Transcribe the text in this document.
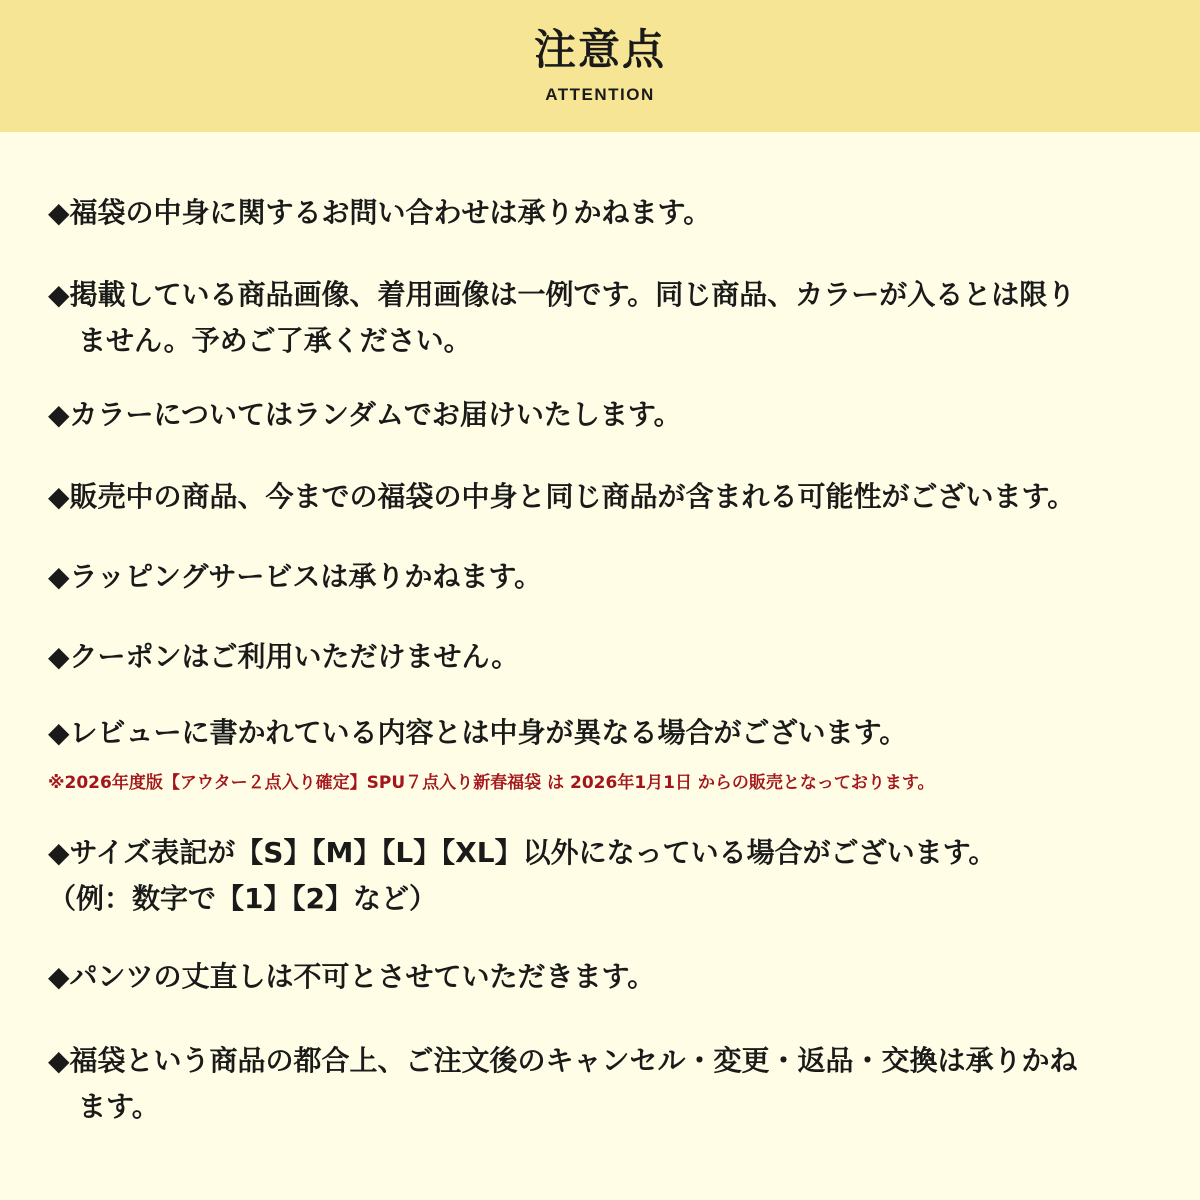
注意点
ATTENTION
◆福袋の中身に関するお問い合わせは承りかねます。
◆掲載している商品画像、着用画像は一例です。同じ商品、カラーが入るとは限り
ません。予めご了承ください。
◆カラーについてはランダムでお届けいたします。
◆販売中の商品、今までの福袋の中身と同じ商品が含まれる可能性がございます。
◆ラッピングサービスは承りかねます。
◆クーポンはご利用いただけません。
◆レビューに書かれている内容とは中身が異なる場合がございます。
※2026年度版【アウター２点入り確定】SPU７点入り新春福袋 は 2026年1月1日 からの販売となっております。
◆サイズ表記が【S】【M】【L】【XL】以外になっている場合がございます。
（例：数字で【1】【2】など）
◆パンツの丈直しは不可とさせていただきます。
◆福袋という商品の都合上、ご注文後のキャンセル・変更・返品・交換は承りかね
ます。
